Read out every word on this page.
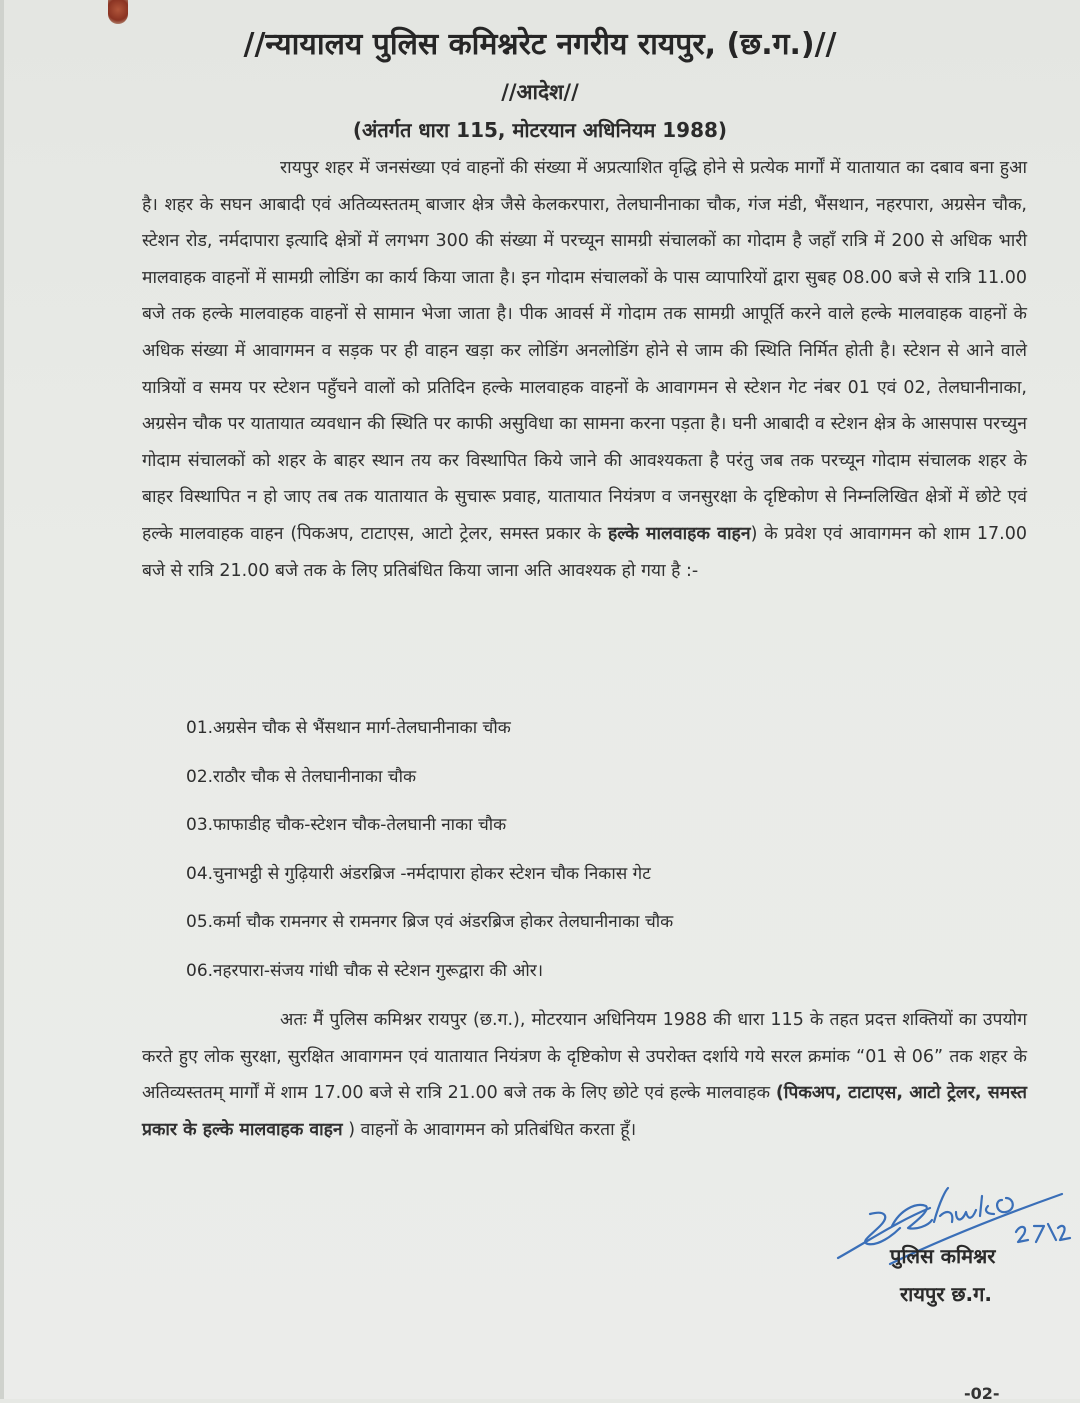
//न्यायालय पुलिस कमिश्नरेट नगरीय रायपुर, (छ.ग.)//
//आदेश//
(अंतर्गत धारा 115, मोटरयान अधिनियम 1988)
रायपुर शहर में जनसंख्या एवं वाहनों की संख्या में अप्रत्याशित वृद्धि होने से प्रत्येक मार्गों में यातायात का दबाव बना हुआ है। शहर के सघन आबादी एवं अतिव्यस्ततम् बाजार क्षेत्र जैसे केलकरपारा, तेलघानीनाका चौक, गंज मंडी, भैंसथान, नहरपारा, अग्रसेन चौक, स्टेशन रोड, नर्मदापारा इत्यादि क्षेत्रों में लगभग 300 की संख्या में परच्यून सामग्री संचालकों का गोदाम है जहाँ रात्रि में 200 से अधिक भारी मालवाहक वाहनों में सामग्री लोडिंग का कार्य किया जाता है। इन गोदाम संचालकों के पास व्यापारियों द्वारा सुबह 08.00 बजे से रात्रि 11.00 बजे तक हल्के मालवाहक वाहनों से सामान भेजा जाता है। पीक आवर्स में गोदाम तक सामग्री आपूर्ति करने वाले हल्के मालवाहक वाहनों के अधिक संख्या में आवागमन व सड़क पर ही वाहन खड़ा कर लोडिंग अनलोडिंग होने से जाम की स्थिति निर्मित होती है। स्टेशन से आने वाले यात्रियों व समय पर स्टेशन पहुँचने वालों को प्रतिदिन हल्के मालवाहक वाहनों के आवागमन से स्टेशन गेट नंबर 01 एवं 02, तेलघानीनाका, अग्रसेन चौक पर यातायात व्यवधान की स्थिति पर काफी असुविधा का सामना करना पड़ता है। घनी आबादी व स्टेशन क्षेत्र के आसपास परच्युन गोदाम संचालकों को शहर के बाहर स्थान तय कर विस्थापित किये जाने की आवश्यकता है परंतु जब तक परच्यून गोदाम संचालक शहर के बाहर विस्थापित न हो जाए तब तक यातायात के सुचारू प्रवाह, यातायात नियंत्रण व जनसुरक्षा के दृष्टिकोण से निम्नलिखित क्षेत्रों में छोटे एवं हल्के मालवाहक वाहन (पिकअप, टाटाएस, आटो ट्रेलर, समस्त प्रकार के हल्के मालवाहक वाहन) के प्रवेश एवं आवागमन को शाम 17.00 बजे से रात्रि 21.00 बजे तक के लिए प्रतिबंधित किया जाना अति आवश्यक हो गया है :-
01.अग्रसेन चौक से भैंसथान मार्ग-तेलघानीनाका चौक
02.राठौर चौक से तेलघानीनाका चौक
03.फाफाडीह चौक-स्टेशन चौक-तेलघानी नाका चौक
04.चुनाभट्ठी से गुढ़ियारी अंडरब्रिज -नर्मदापारा होकर स्टेशन चौक निकास गेट
05.कर्मा चौक रामनगर से रामनगर ब्रिज एवं अंडरब्रिज होकर तेलघानीनाका चौक
06.नहरपारा-संजय गांधी चौक से स्टेशन गुरूद्वारा की ओर।
अतः मैं पुलिस कमिश्नर रायपुर (छ.ग.), मोटरयान अधिनियम 1988 की धारा 115 के तहत प्रदत्त शक्तियों का उपयोग करते हुए लोक सुरक्षा, सुरक्षित आवागमन एवं यातायात नियंत्रण के दृष्टिकोण से उपरोक्त दर्शाये गये सरल क्रमांक “01 से 06” तक शहर के अतिव्यस्ततम् मार्गों में शाम 17.00 बजे से रात्रि 21.00 बजे तक के लिए छोटे एवं हल्के मालवाहक (पिकअप, टाटाएस, आटो ट्रेलर, समस्त प्रकार के हल्के मालवाहक वाहन ) वाहनों के आवागमन को प्रतिबंधित करता हूँ।
पुलिस कमिश्नर
रायपुर छ.ग.
-02-
